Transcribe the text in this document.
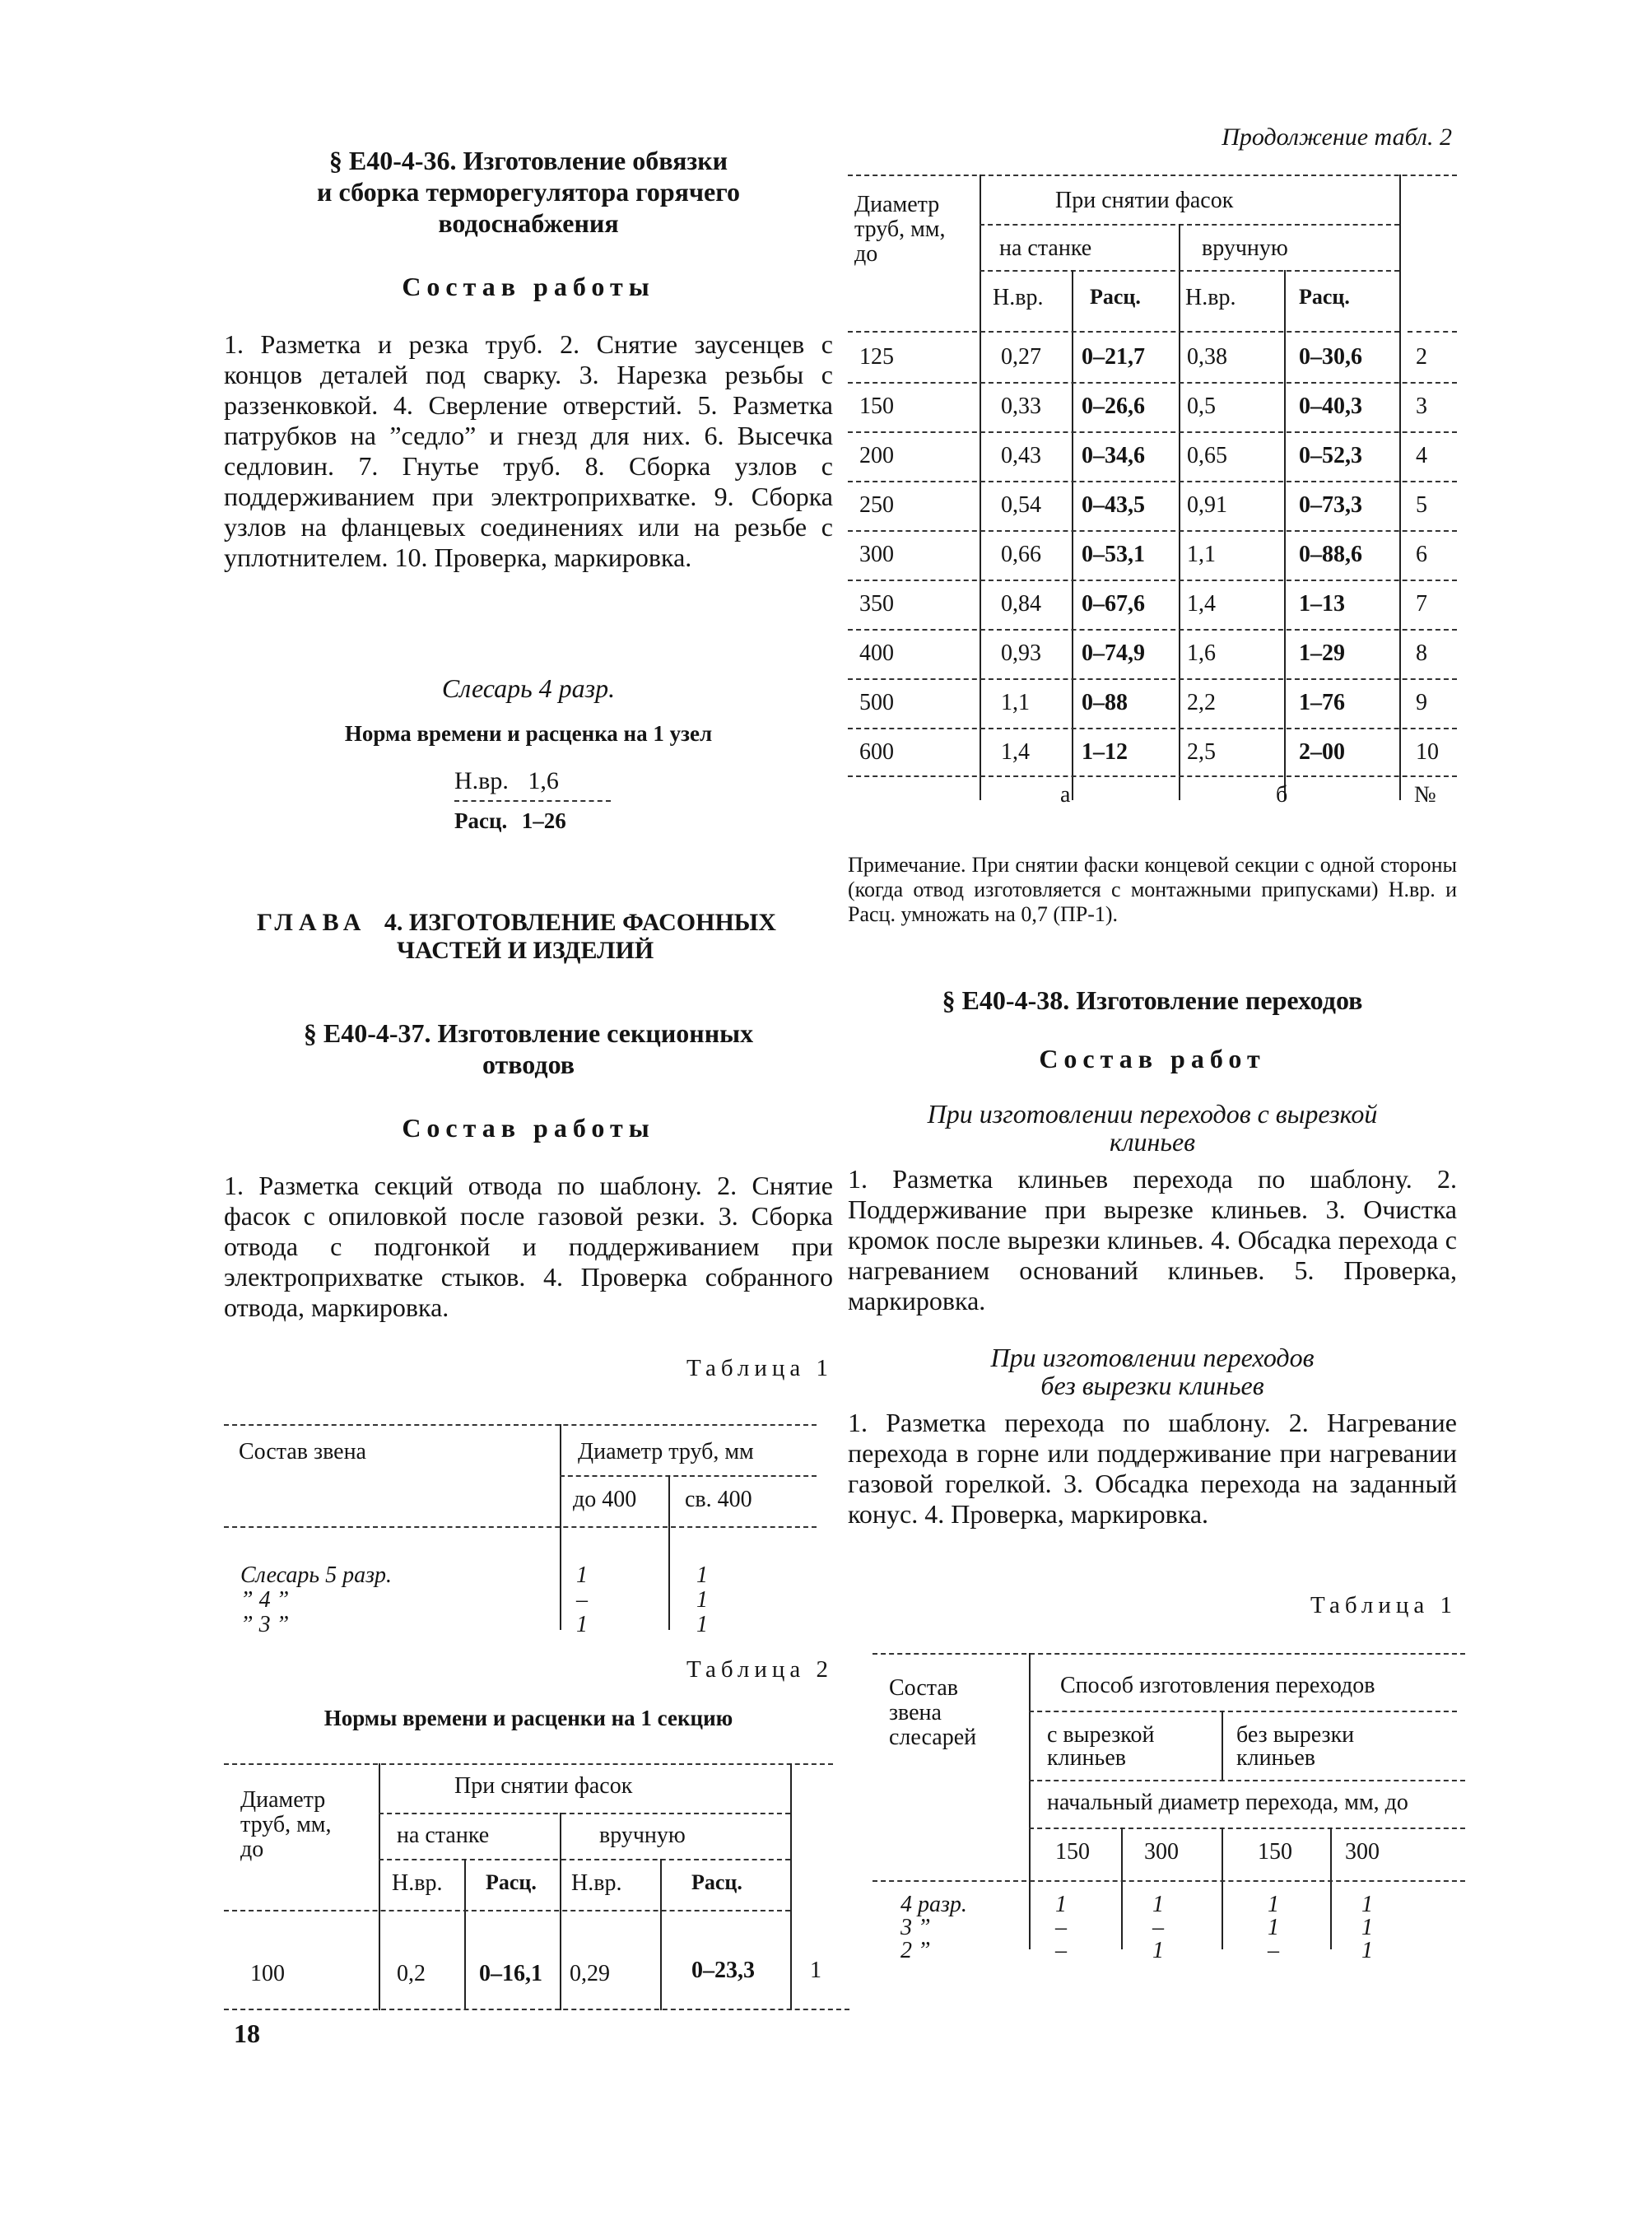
§ Е40-4-36. Изготовление обвязки
и сборка терморегулятора горячего
водоснабжения
Состав работы
1. Разметка и резка труб. 2. Снятие заусенцев с концов деталей под сварку. 3. Нарезка резьбы с раззенковкой. 4. Сверление отверстий. 5. Разметка патрубков на ”седло” и гнезд для них. 6. Высечка седловин. 7. Гнутье труб. 8. Сборка узлов с поддерживанием при электроприхватке. 9. Сборка узлов на фланцевых соединениях или на резьбе с уплотнителем. 10. Проверка, маркировка.
Слесарь 4 разр.
Норма времени и расценка на 1 узел
Н.вр. 1,6
Расц. 1–26
ГЛАВА 4. ИЗГОТОВЛЕНИЕ ФАСОННЫХ
ЧАСТЕЙ И ИЗДЕЛИЙ
§ Е40-4-37. Изготовление секционных
отводов
Состав работы
1. Разметка секций отвода по шаблону. 2. Снятие фасок с опиловкой после газовой резки. 3. Сборка отвода с подгонкой и поддерживанием при электроприхватке стыков. 4. Проверка собранного отвода, маркировка.
Таблица 1
Состав звена	Диаметр труб, мм
до 400 св. 400
Слесарь 5 разр.	1	1
” 4 ”	–	1
” 3 ”	1	1
Таблица 2
Нормы времени и расценки на 1 секцию
Диаметр труб, мм, до
При снятии фасок
на станке	вручную
Н.вр. Расц. Н.вр.	Расц.
100	0,2 0–16,1 0,29	0–23,3 1
18
Продолжение табл. 2
Диаметр труб, мм, до
При снятии фасок
на станке	вручную
Н.вр. Расц. Н.вр.	Расц.
125	0,27 0–21,7 0,38	0–30,6 2
150	0,33 0–26,6 0,5	0–40,3 3
200	0,43 0–34,6 0,65	0–52,3 4
250	0,54 0–43,5 0,91	0–73,3 5
300	0,66 0–53,1 1,1	0–88,6 6
350	0,84 0–67,6 1,4	1–13	7
400	0,93 0–74,9 1,6	1–29	8
500	1,1 0–88	2,2	1–76	9
600	1,4 1–12	2,5	2–00	10
а	б	№
Примечание. При снятии фаски концевой секции с одной стороны (когда отвод изготовляется с монтажными припусками) Н.вр. и Расц. умножать на 0,7 (ПР-1).
§ Е40-4-38. Изготовление переходов
Состав работ
При изготовлении переходов с вырезкой
клиньев
1. Разметка клиньев перехода по шаблону. 2. Поддерживание при вырезке клиньев. 3. Очистка кромок после вырезки клиньев. 4. Обсадка перехода с нагреванием оснований клиньев. 5. Проверка, маркировка.
При изготовлении переходов
без вырезки клиньев
1. Разметка перехода по шаблону. 2. Нагревание перехода в горне или поддерживание при нагревании газовой горелкой. 3. Обсадка перехода на заданный конус. 4. Проверка, маркировка.
Таблица 1
Состав звена слесарей
Способ изготовления переходов
с вырезкой клиньев
без вырезки клиньев
начальный диаметр перехода, мм, до
150 300	150 300
4 разр.	1	1	1	1
3 ”	–	–	1	1
2 ”	–	1	–	1
